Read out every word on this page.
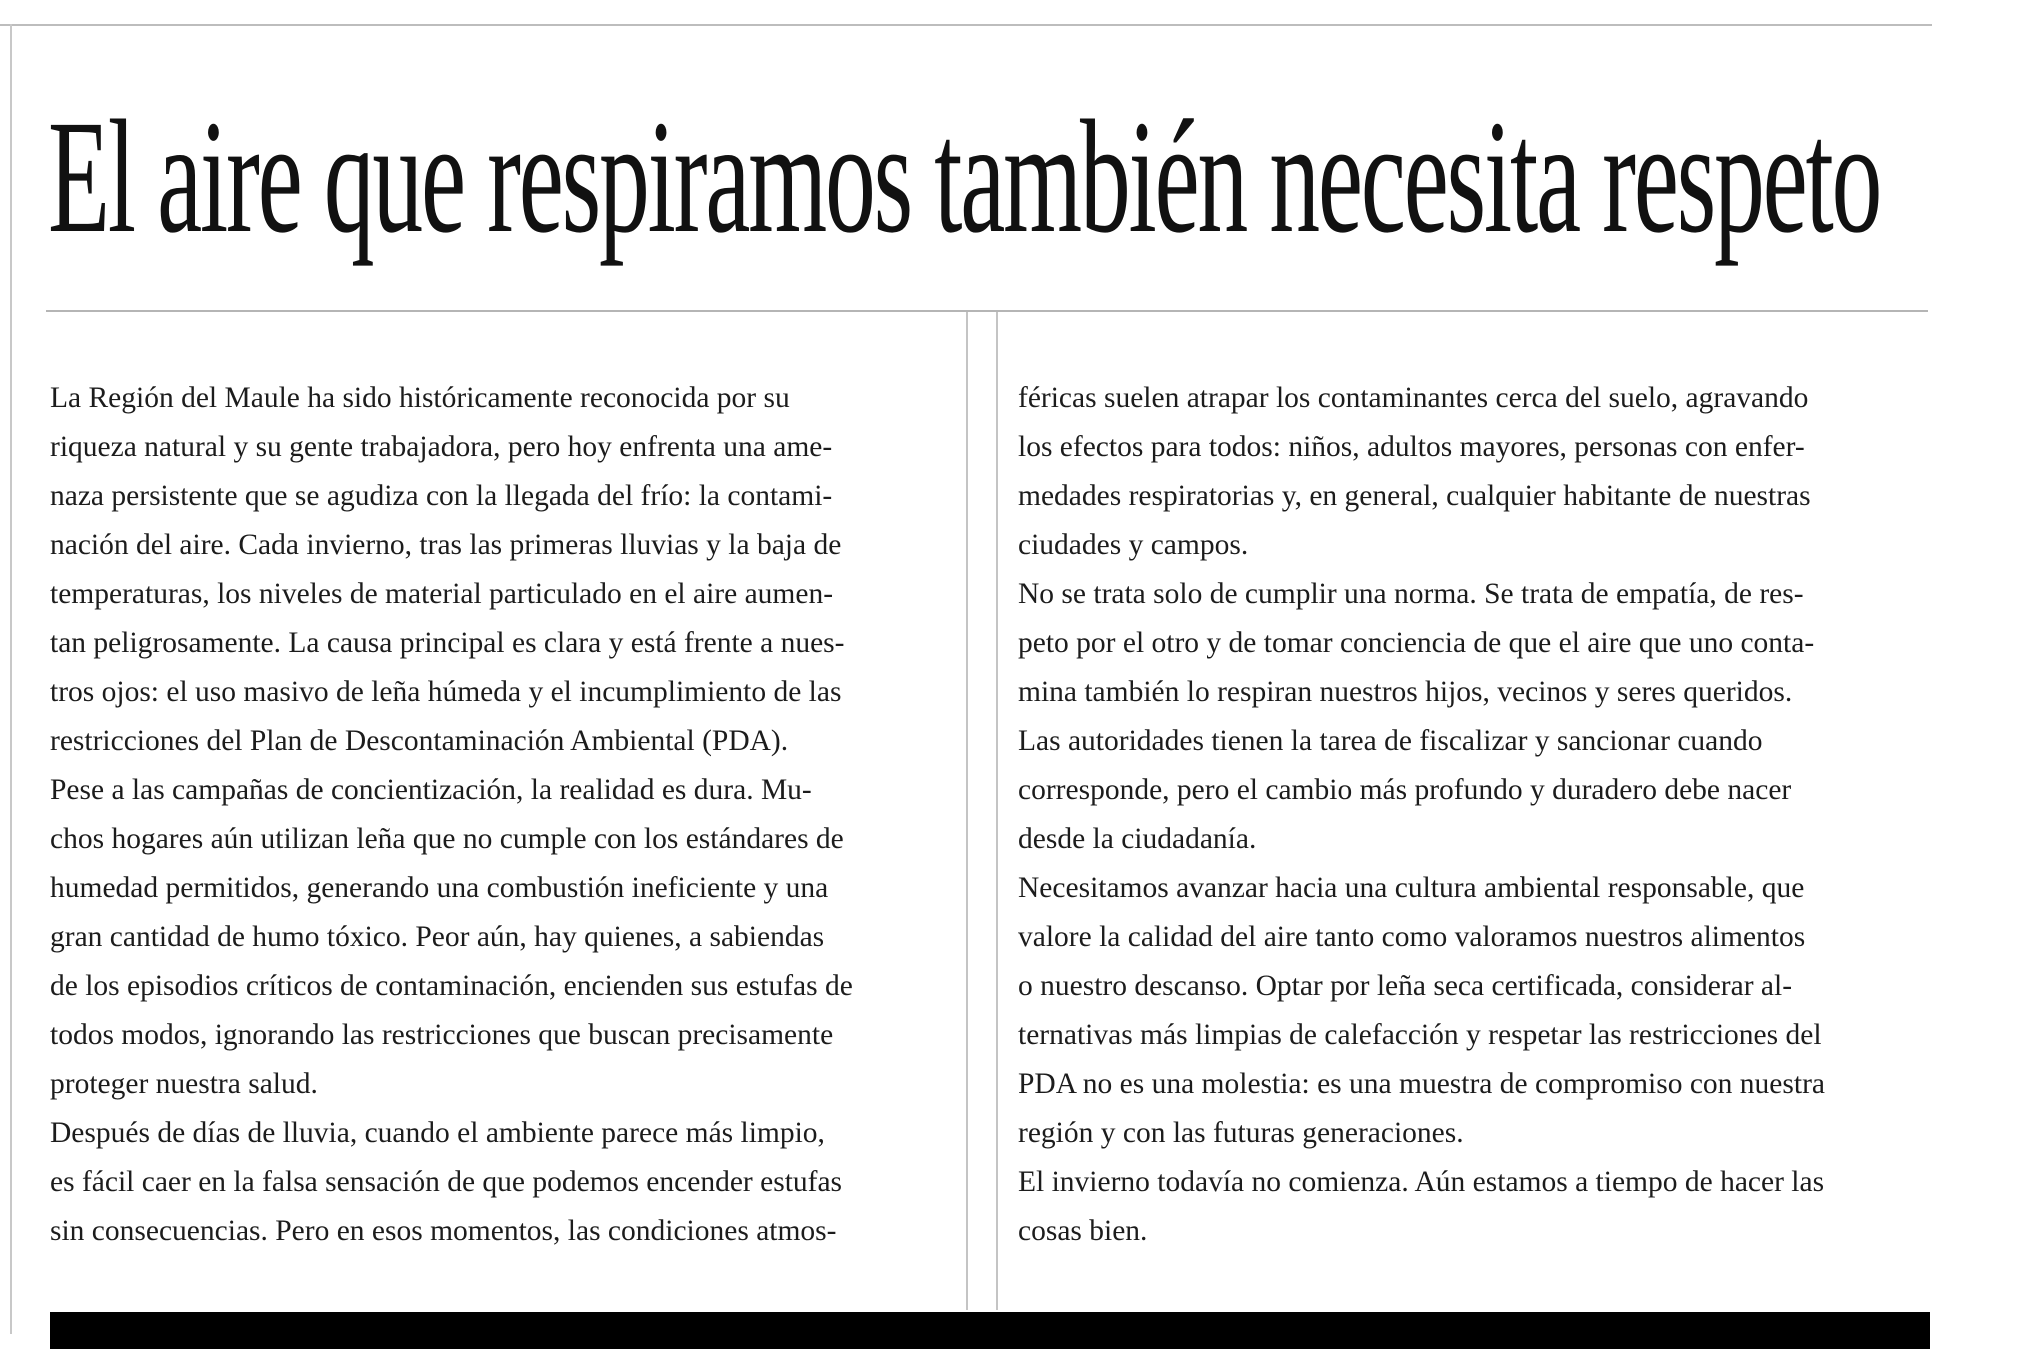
El aire que respiramos también necesita respeto
La Región del Maule ha sido históricamente reconocida por su
riqueza natural y su gente trabajadora, pero hoy enfrenta una ame-
naza persistente que se agudiza con la llegada del frío: la contami-
nación del aire. Cada invierno, tras las primeras lluvias y la baja de
temperaturas, los niveles de material particulado en el aire aumen-
tan peligrosamente. La causa principal es clara y está frente a nues-
tros ojos: el uso masivo de leña húmeda y el incumplimiento de las
restricciones del Plan de Descontaminación Ambiental (PDA).
Pese a las campañas de concientización, la realidad es dura. Mu-
chos hogares aún utilizan leña que no cumple con los estándares de
humedad permitidos, generando una combustión ineficiente y una
gran cantidad de humo tóxico. Peor aún, hay quienes, a sabiendas
de los episodios críticos de contaminación, encienden sus estufas de
todos modos, ignorando las restricciones que buscan precisamente
proteger nuestra salud.
Después de días de lluvia, cuando el ambiente parece más limpio,
es fácil caer en la falsa sensación de que podemos encender estufas
sin consecuencias. Pero en esos momentos, las condiciones atmos-
féricas suelen atrapar los contaminantes cerca del suelo, agravando
los efectos para todos: niños, adultos mayores, personas con enfer-
medades respiratorias y, en general, cualquier habitante de nuestras
ciudades y campos.
No se trata solo de cumplir una norma. Se trata de empatía, de res-
peto por el otro y de tomar conciencia de que el aire que uno conta-
mina también lo respiran nuestros hijos, vecinos y seres queridos.
Las autoridades tienen la tarea de fiscalizar y sancionar cuando
corresponde, pero el cambio más profundo y duradero debe nacer
desde la ciudadanía.
Necesitamos avanzar hacia una cultura ambiental responsable, que
valore la calidad del aire tanto como valoramos nuestros alimentos
o nuestro descanso. Optar por leña seca certificada, considerar al-
ternativas más limpias de calefacción y respetar las restricciones del
PDA no es una molestia: es una muestra de compromiso con nuestra
región y con las futuras generaciones.
El invierno todavía no comienza. Aún estamos a tiempo de hacer las
cosas bien.
